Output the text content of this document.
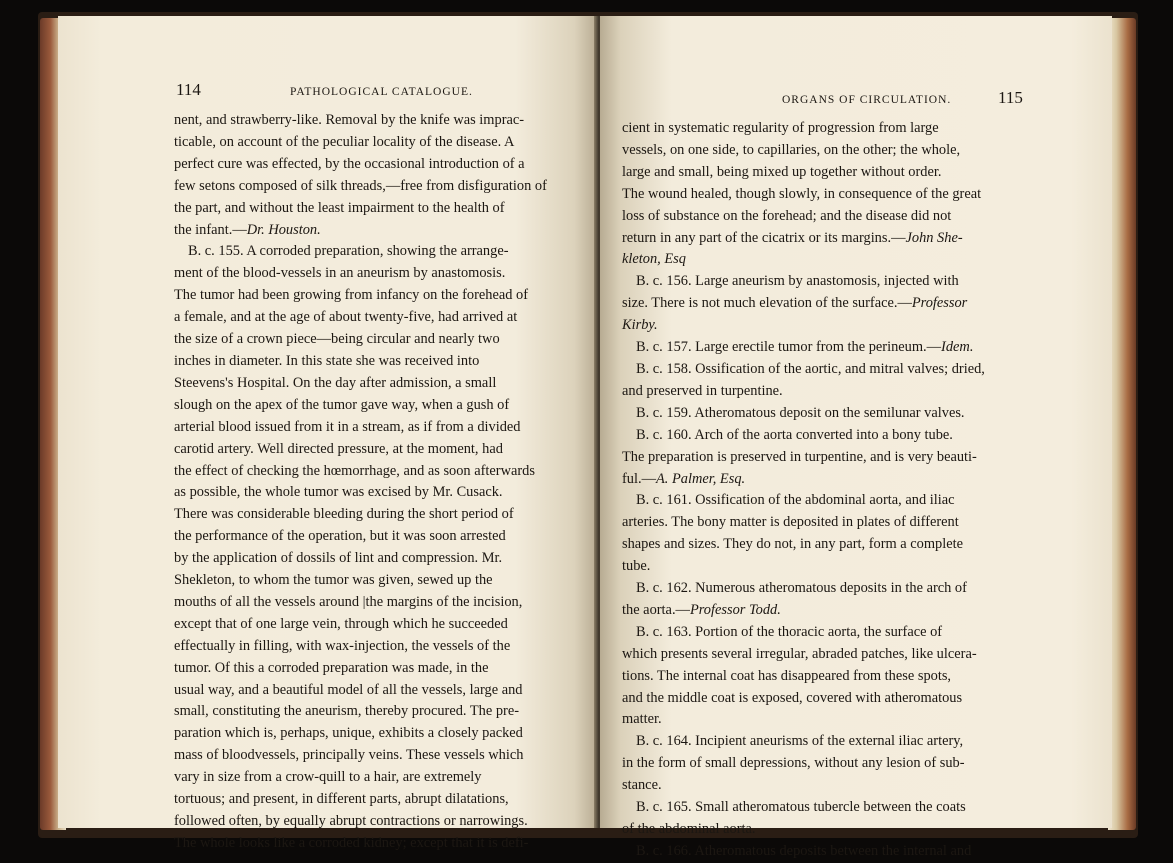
114	PATHOLOGICAL CATALOGUE.

nent, and strawberry-like. Removal by the knife was imprac-

ticable, on account of the peculiar locality of the disease. A

perfect cure was effected, by the occasional introduction of a

few setons composed of silk threads,—free from disfiguration of

the part, and without the least impairment to the health of

the infant.—Dr. Houston.

B. c. 155. A corroded preparation, showing the arrange-

ment of the blood-vessels in an aneurism by anastomosis.

The tumor had been growing from infancy on the forehead of

a female, and at the age of about twenty-five, had arrived at

the size of a crown piece—being circular and nearly two

inches in diameter. In this state she was received into

Steevens's Hospital. On the day after admission, a small

slough on the apex of the tumor gave way, when a gush of

arterial blood issued from it in a stream, as if from a divided

carotid artery. Well directed pressure, at the moment, had

the effect of checking the hœmorrhage, and as soon afterwards

as possible, the whole tumor was excised by Mr. Cusack.

There was considerable bleeding during the short period of

the performance of the operation, but it was soon arrested

by the application of dossils of lint and compression. Mr.

Shekleton, to whom the tumor was given, sewed up the

mouths of all the vessels around |the margins of the incision,

except that of one large vein, through which he succeeded

effectually in filling, with wax-injection, the vessels of the

tumor. Of this a corroded preparation was made, in the

usual way, and a beautiful model of all the vessels, large and

small, constituting the aneurism, thereby procured. The pre-

paration which is, perhaps, unique, exhibits a closely packed

mass of bloodvessels, principally veins. These vessels which

vary in size from a crow-quill to a hair, are extremely

tortuous; and present, in different parts, abrupt dilatations,

followed often, by equally abrupt contractions or narrowings.

The whole looks like a corroded kidney; except that it is defi-

ORGANS OF CIRCULATION.	115

cient in systematic regularity of progression from large

vessels, on one side, to capillaries, on the other; the whole,

large and small, being mixed up together without order.

The wound healed, though slowly, in consequence of the great

loss of substance on the forehead; and the disease did not

return in any part of the cicatrix or its margins.—John She-

kleton, Esq

B. c. 156. Large aneurism by anastomosis, injected with

size. There is not much elevation of the surface.—Professor

Kirby.

B. c. 157. Large erectile tumor from the perineum.—Idem.

B. c. 158. Ossification of the aortic, and mitral valves; dried,

and preserved in turpentine.

B. c. 159. Atheromatous deposit on the semilunar valves.

B. c. 160. Arch of the aorta converted into a bony tube.

The preparation is preserved in turpentine, and is very beauti-

ful.—A. Palmer, Esq.

B. c. 161. Ossification of the abdominal aorta, and iliac

arteries. The bony matter is deposited in plates of different

shapes and sizes. They do not, in any part, form a complete

tube.

B. c. 162. Numerous atheromatous deposits in the arch of

the aorta.—Professor Todd.

B. c. 163. Portion of the thoracic aorta, the surface of

which presents several irregular, abraded patches, like ulcera-

tions. The internal coat has disappeared from these spots,

and the middle coat is exposed, covered with atheromatous

matter.

B. c. 164. Incipient aneurisms of the external iliac artery,

in the form of small depressions, without any lesion of sub-

stance.

B. c. 165. Small atheromatous tubercle between the coats

of the abdominal aorta.

B. c. 166. Atheromatous deposits between the internal and
